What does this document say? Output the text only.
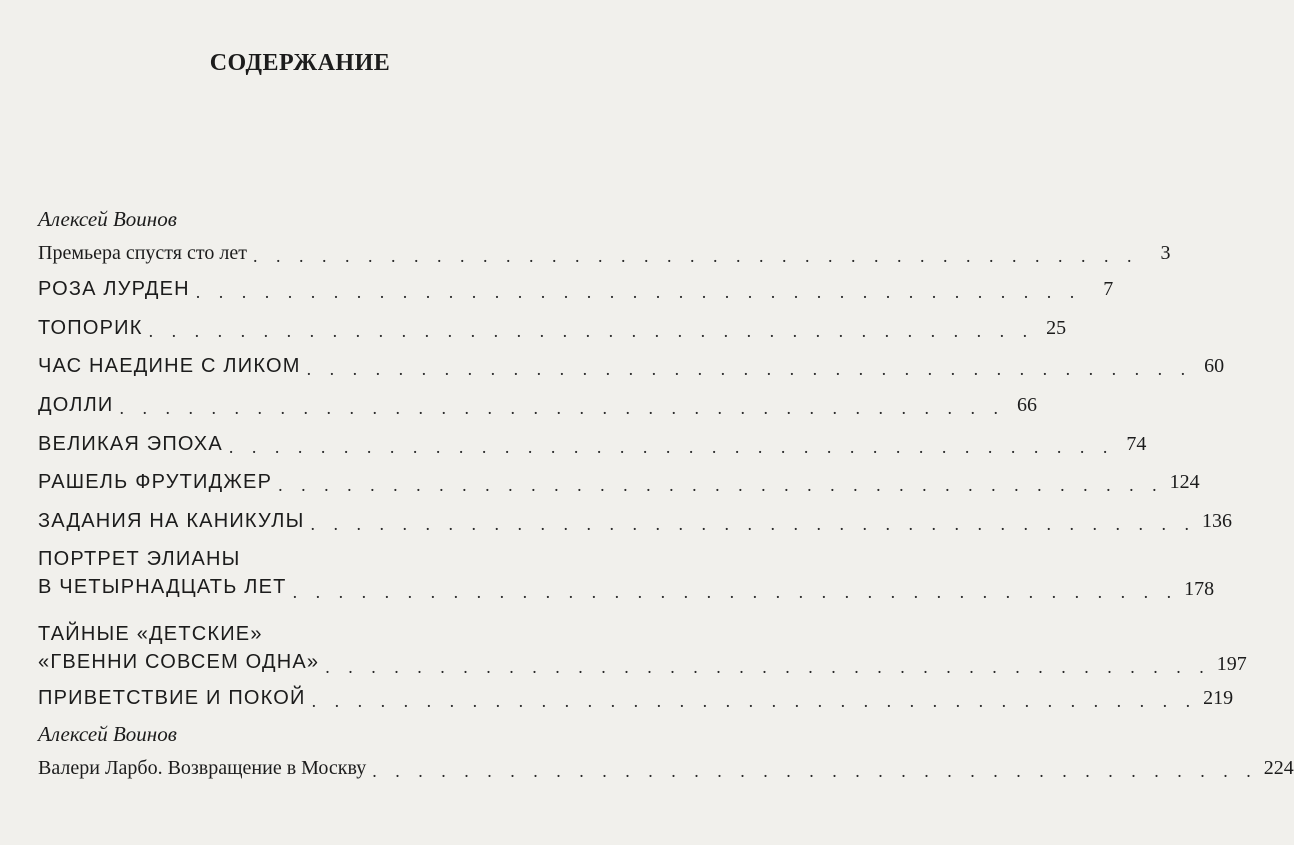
СОДЕРЖАНИЕ
Алексей Воинов
Премьера спустя сто лет . . . . . . . . . . . . . . . . . . . . . . . . . . . . . . . . . . . . . . .	3
РОЗА ЛУРДЕН . . . . . . . . . . . . . . . . . . . . . . . . . . . . . . . . . . . . . . .	7
ТОПОРИК . . . . . . . . . . . . . . . . . . . . . . . . . . . . . . . . . . . . . . . 25
ЧАС НАЕДИНЕ С ЛИКОМ . . . . . . . . . . . . . . . . . . . . . . . . . . . . . . . . . . . . . . . 60
ДОЛЛИ . . . . . . . . . . . . . . . . . . . . . . . . . . . . . . . . . . . . . . . 66
ВЕЛИКАЯ ЭПОХА . . . . . . . . . . . . . . . . . . . . . . . . . . . . . . . . . . . . . . . 74
РАШЕЛЬ ФРУТИДЖЕР . . . . . . . . . . . . . . . . . . . . . . . . . . . . . . . . . . . . . . . 124
ЗАДАНИЯ НА КАНИКУЛЫ . . . . . . . . . . . . . . . . . . . . . . . . . . . . . . . . . . . . . . . 136
ПОРТРЕТ ЭЛИАНЫ
В ЧЕТЫРНАДЦАТЬ ЛЕТ . . . . . . . . . . . . . . . . . . . . . . . . . . . . . . . . . . . . . . . 178
ТАЙНЫЕ «ДЕТСКИЕ»
«ГВЕННИ СОВСЕМ ОДНА» . . . . . . . . . . . . . . . . . . . . . . . . . . . . . . . . . . . . . . . 197
ПРИВЕТСТВИЕ И ПОКОЙ . . . . . . . . . . . . . . . . . . . . . . . . . . . . . . . . . . . . . . . 219
Алексей Воинов
Валери Ларбо. Возвращение в Москву . . . . . . . . . . . . . . . . . . . . . . . . . . . . . . . . . . . . . . . 224
